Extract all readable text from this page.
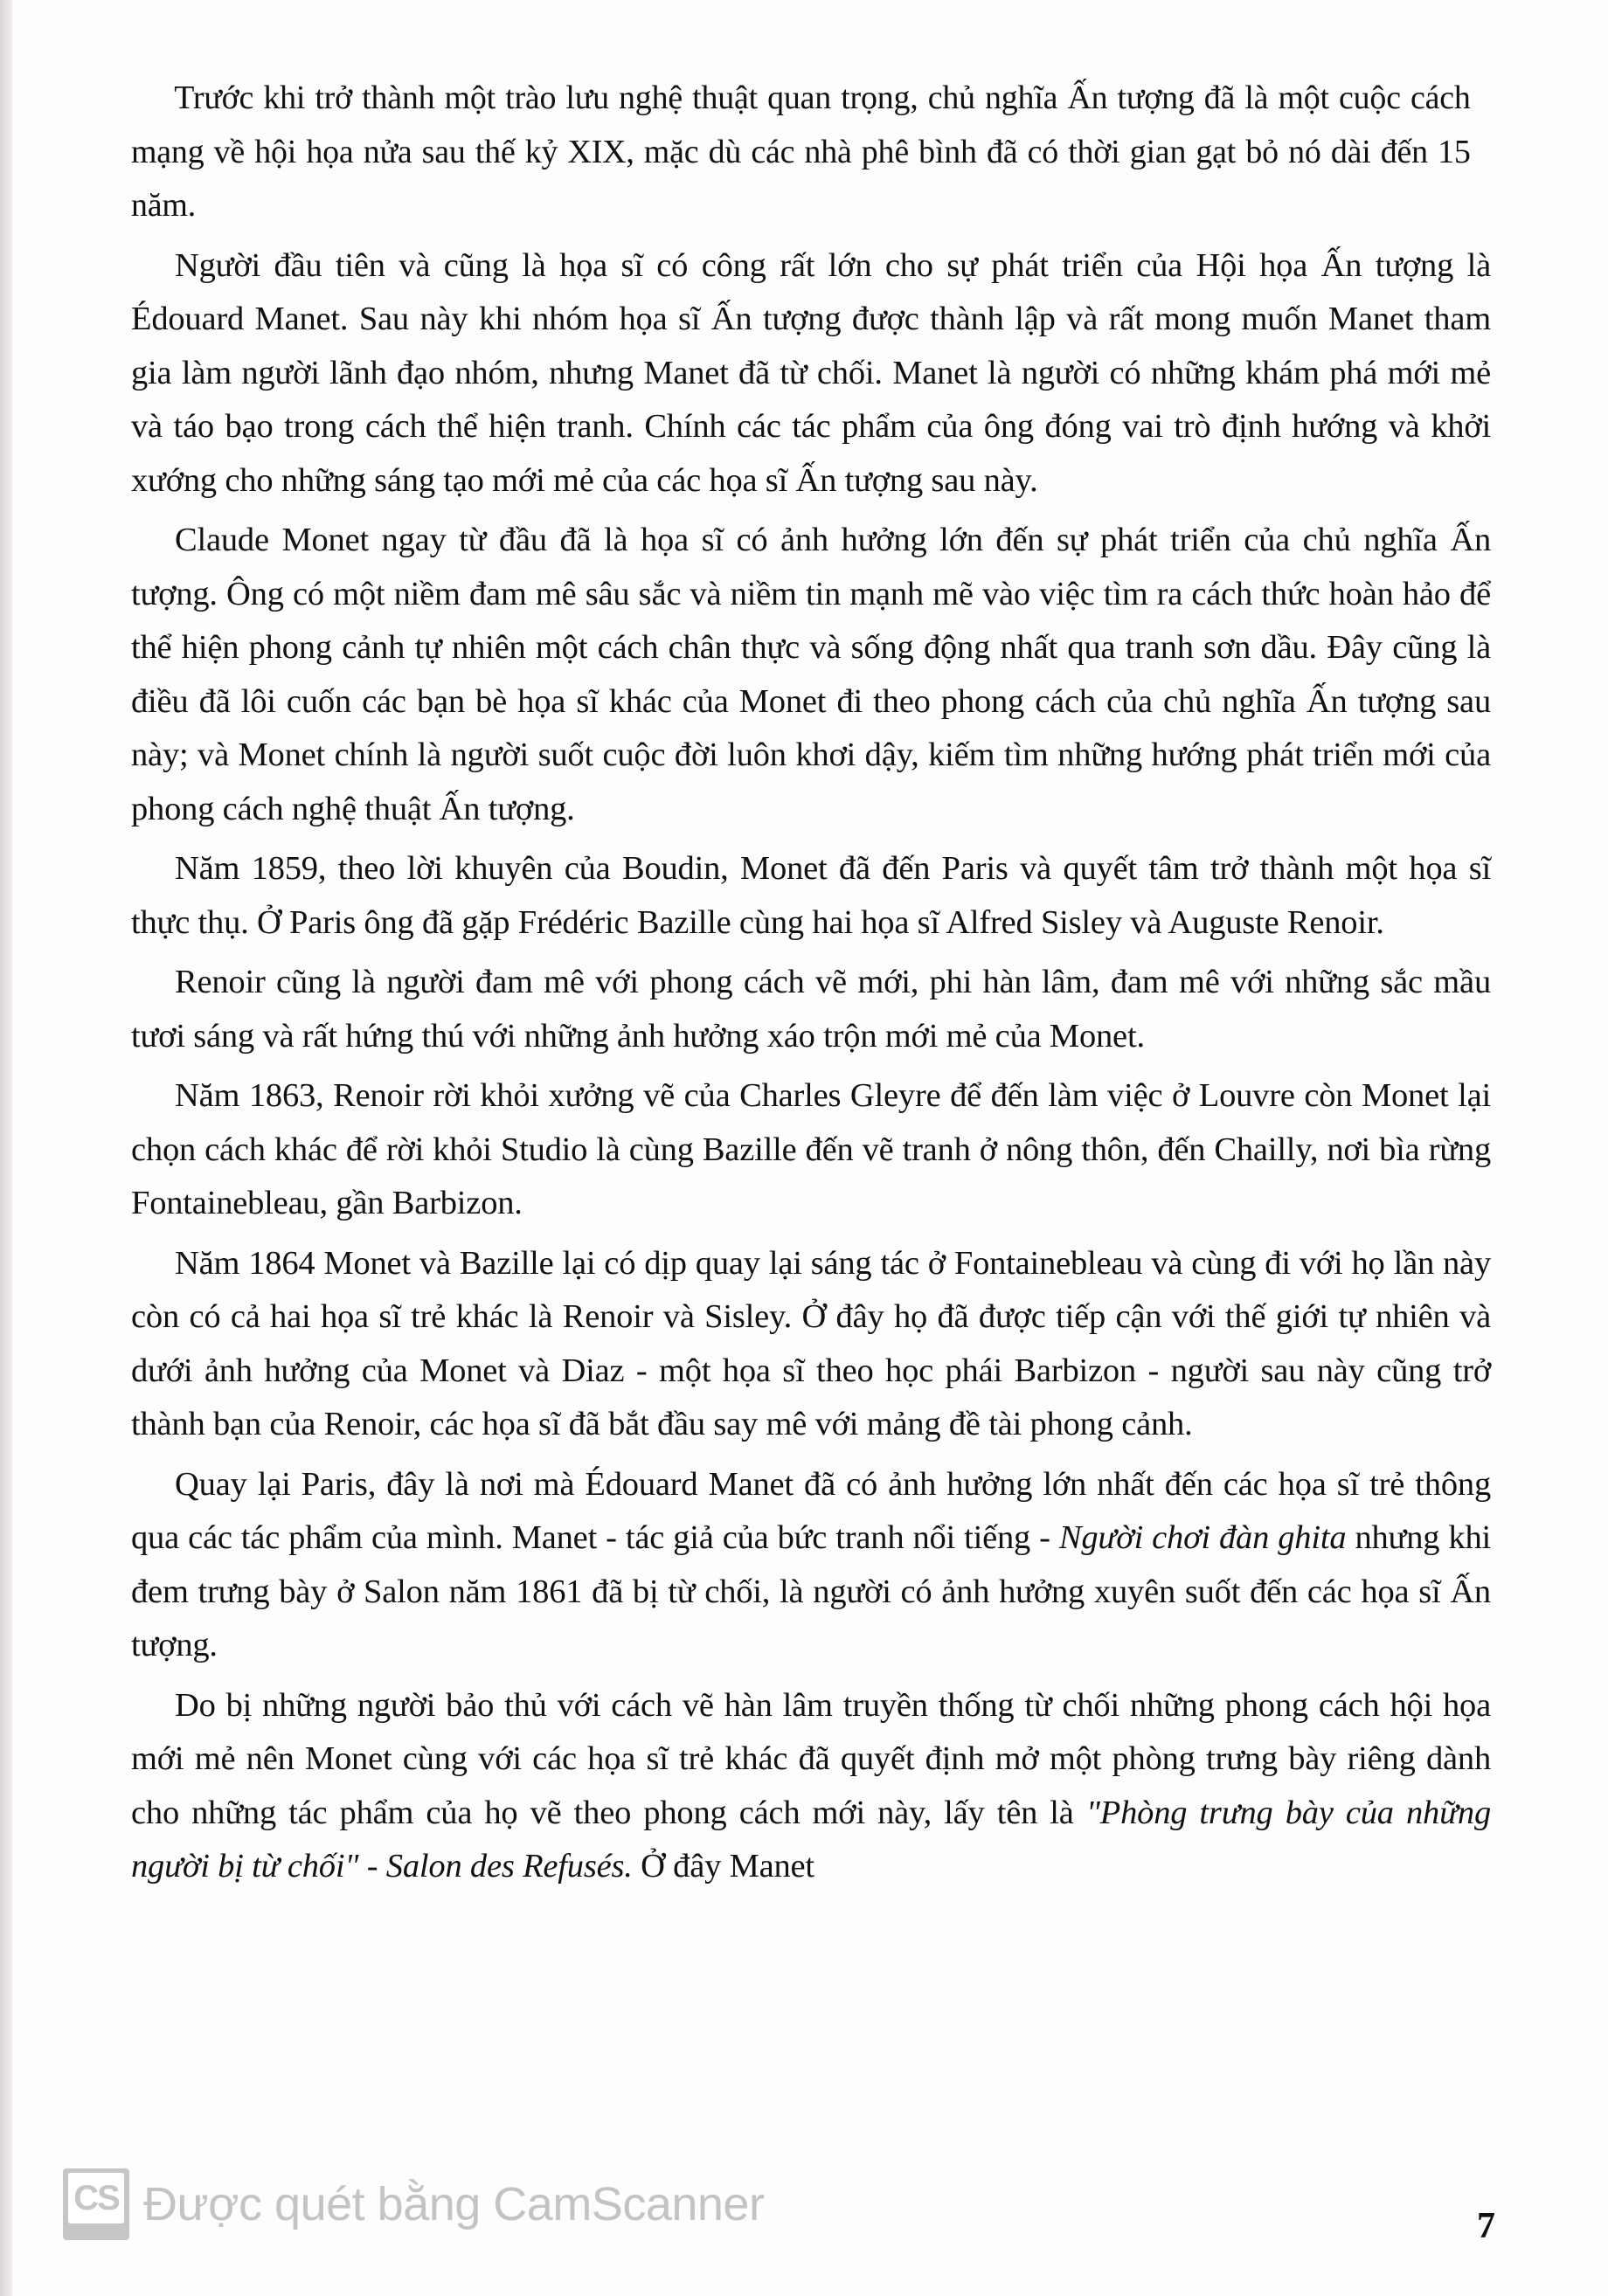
Trước khi trở thành một trào lưu nghệ thuật quan trọng, chủ nghĩa Ấn tượng đã là một cuộc cách mạng về hội họa nửa sau thế kỷ XIX, mặc dù các nhà phê bình đã có thời gian gạt bỏ nó dài đến 15 năm.

Người đầu tiên và cũng là họa sĩ có công rất lớn cho sự phát triển của Hội họa Ấn tượng là Édouard Manet. Sau này khi nhóm họa sĩ Ấn tượng được thành lập và rất mong muốn Manet tham gia làm người lãnh đạo nhóm, nhưng Manet đã từ chối. Manet là người có những khám phá mới mẻ và táo bạo trong cách thể hiện tranh. Chính các tác phẩm của ông đóng vai trò định hướng và khởi xướng cho những sáng tạo mới mẻ của các họa sĩ Ấn tượng sau này.

Claude Monet ngay từ đầu đã là họa sĩ có ảnh hưởng lớn đến sự phát triển của chủ nghĩa Ấn tượng. Ông có một niềm đam mê sâu sắc và niềm tin mạnh mẽ vào việc tìm ra cách thức hoàn hảo để thể hiện phong cảnh tự nhiên một cách chân thực và sống động nhất qua tranh sơn dầu. Đây cũng là điều đã lôi cuốn các bạn bè họa sĩ khác của Monet đi theo phong cách của chủ nghĩa Ấn tượng sau này; và Monet chính là người suốt cuộc đời luôn khơi dậy, kiếm tìm những hướng phát triển mới của phong cách nghệ thuật Ấn tượng.

Năm 1859, theo lời khuyên của Boudin, Monet đã đến Paris và quyết tâm trở thành một họa sĩ thực thụ. Ở Paris ông đã gặp Frédéric Bazille cùng hai họa sĩ Alfred Sisley và Auguste Renoir.

Renoir cũng là người đam mê với phong cách vẽ mới, phi hàn lâm, đam mê với những sắc mầu tươi sáng và rất hứng thú với những ảnh hưởng xáo trộn mới mẻ của Monet.

Năm 1863, Renoir rời khỏi xưởng vẽ của Charles Gleyre để đến làm việc ở Louvre còn Monet lại chọn cách khác để rời khỏi Studio là cùng Bazille đến vẽ tranh ở nông thôn, đến Chailly, nơi bìa rừng Fontainebleau, gần Barbizon.

Năm 1864 Monet và Bazille lại có dịp quay lại sáng tác ở Fontainebleau và cùng đi với họ lần này còn có cả hai họa sĩ trẻ khác là Renoir và Sisley. Ở đây họ đã được tiếp cận với thế giới tự nhiên và dưới ảnh hưởng của Monet và Diaz - một họa sĩ theo học phái Barbizon - người sau này cũng trở thành bạn của Renoir, các họa sĩ đã bắt đầu say mê với mảng đề tài phong cảnh.

Quay lại Paris, đây là nơi mà Édouard Manet đã có ảnh hưởng lớn nhất đến các họa sĩ trẻ thông qua các tác phẩm của mình. Manet - tác giả của bức tranh nổi tiếng - Người chơi đàn ghita nhưng khi đem trưng bày ở Salon năm 1861 đã bị từ chối, là người có ảnh hưởng xuyên suốt đến các họa sĩ Ấn tượng.

Do bị những người bảo thủ với cách vẽ hàn lâm truyền thống từ chối những phong cách hội họa mới mẻ nên Monet cùng với các họa sĩ trẻ khác đã quyết định mở một phòng trưng bày riêng dành cho những tác phẩm của họ vẽ theo phong cách mới này, lấy tên là "Phòng trưng bày của những người bị từ chối" - Salon des Refusés. Ở đây Manet

CS Được quét bằng CamScanner	7
